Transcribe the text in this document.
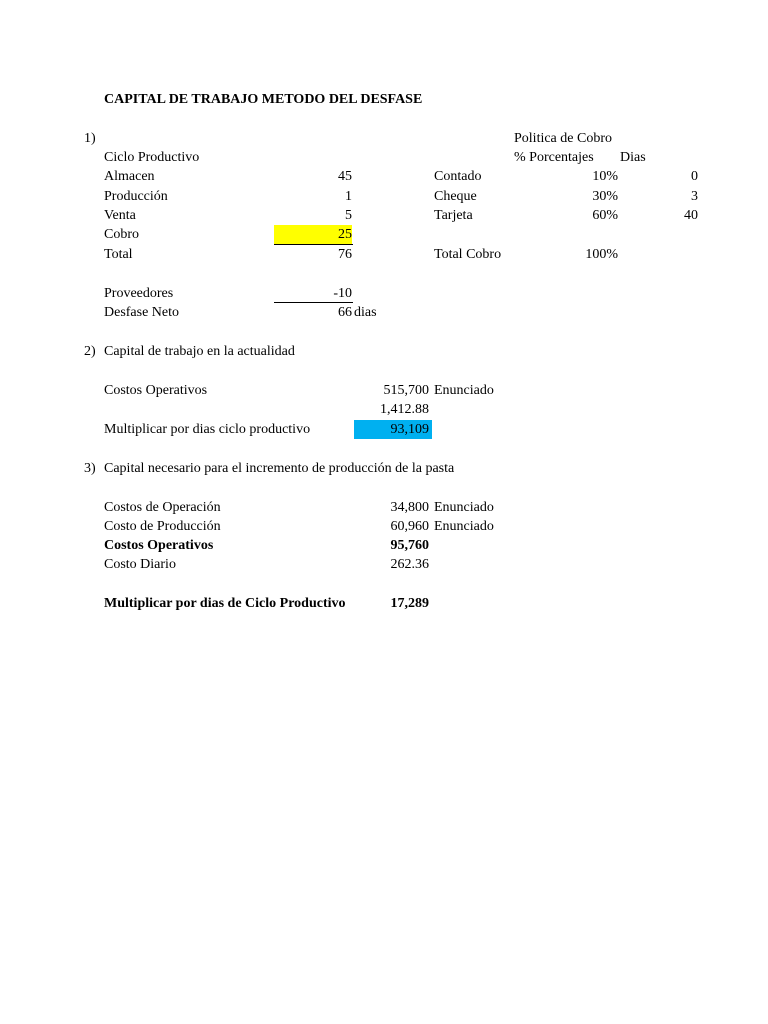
CAPITAL DE TRABAJO METODO DEL DESFASE
1)
Ciclo Productivo
Almacen	45
Producción	1
Venta	5
Cobro	25
Total	76
Proveedores	-10
Desfase Neto	66 dias
Politica de Cobro
% Porcentajes Dias
Contado	10%	0
Cheque	30%	3
Tarjeta	60%	40
Total Cobro	100%
2) Capital de trabajo en la actualidad
Costos Operativos	515,700 Enunciado
1,412.88
Multiplicar por dias ciclo productivo	93,109
3) Capital necesario para el incremento de producción de la pasta
Costos de Operación	34,800 Enunciado
Costo de Producción	60,960 Enunciado
Costos Operativos	95,760
Costo Diario	262.36
Multiplicar por dias de Ciclo Productivo	17,289
